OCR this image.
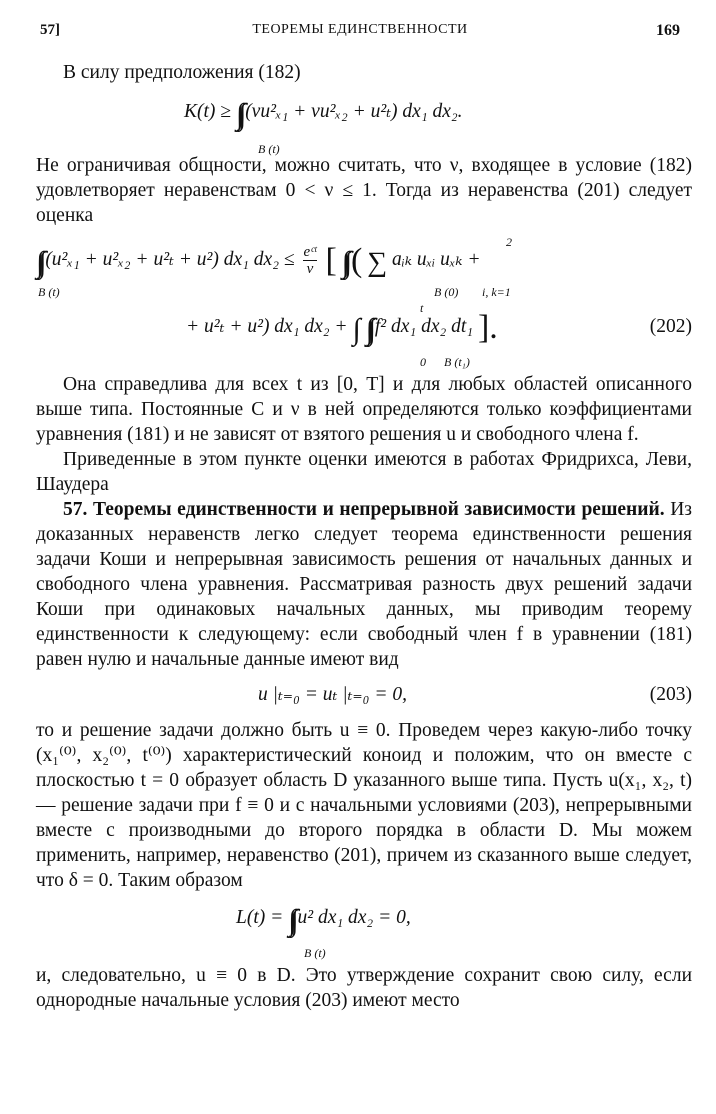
57]	ТЕОРЕМЫ ЕДИНСТВЕННОСТИ	169

В силу предположения (182)

K(t) ≥ ∫∫ (νu²ₓ₁ + νu²ₓ₂ + u²ₜ) dx₁ dx₂.
B (t)

Не ограничивая общности, можно считать, что ν, входящее в условие (182) удовлетворяет неравенствам 0 < ν ≤ 1. Тогда из неравенства (201) следует оценка

∫∫ (u²ₓ₁ + u²ₓ₂ + u²ₜ + u²) dx₁ dx₂ ≤ eᶜᵗ
ν [ ∫∫ ( ∑ aᵢₖ uₓᵢ uₓₖ +
B (t)	B (0)
2
i, k=1
+ u²ₜ + u²) dx₁ dx₂ + ∫ ∫∫ f² dx₁ dx₂ dt₁ ].
t
0 B (t₁)
(202)

Она справедлива для всех t из [0, T] и для любых областей описанного выше типа. Постоянные C и ν в ней определяются только коэффициентами уравнения (181) и не зависят от взятого решения u и свободного члена f.

Приведенные в этом пункте оценки имеются в работах Фридрихса, Леви, Шаудера

57. Теоремы единственности и непрерывной зависимости решений. Из доказанных неравенств легко следует теорема единственности решения задачи Коши и непрерывная зависимость решения от начальных данных и свободного члена уравнения. Рассматривая разность двух решений задачи Коши при одинаковых начальных данных, мы приводим теорему единственности к следующему: если свободный член f в уравнении (181) равен нулю и начальные данные имеют вид

u |ₜ₌₀ = uₜ |ₜ₌₀ = 0,	(203)

то и решение задачи должно быть u ≡ 0. Проведем через какую-либо точку (x₁⁽⁰⁾, x₂⁽⁰⁾, t⁽⁰⁾) характеристический коноид и положим, что он вместе с плоскостью t = 0 образует область D указанного выше типа. Пусть u(x₁, x₂, t) — решение задачи при f ≡ 0 и с начальными условиями (203), непрерывными вместе с производными до второго порядка в области D. Мы можем применить, например, неравенство (201), причем из сказанного выше следует, что δ = 0. Таким образом

L(t) = ∫∫ u² dx₁ dx₂ = 0,
B (t)

и, следовательно, u ≡ 0 в D. Это утверждение сохранит свою силу, если однородные начальные условия (203) имеют место
